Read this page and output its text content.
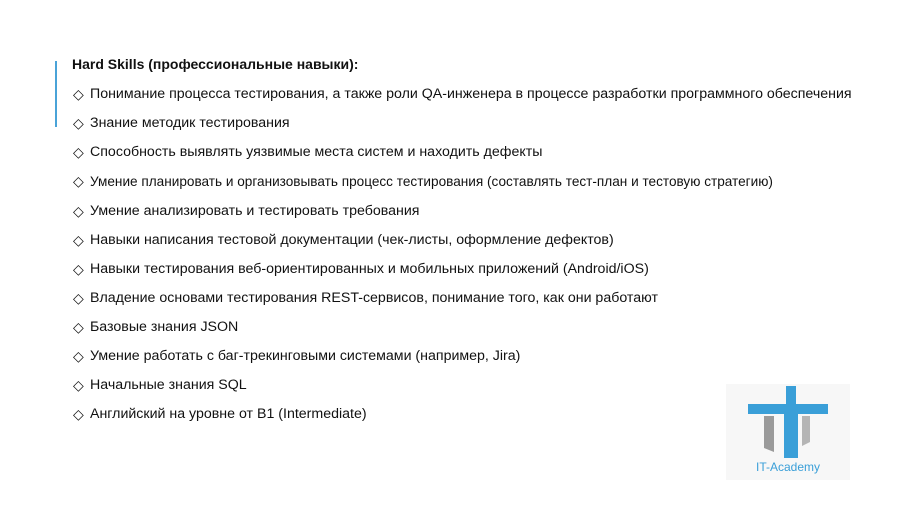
Hard Skills (профессиональные навыки):
◇ Понимание процесса тестирования, а также роли QA-инженера в процессе разработки программного обеспечения
◇ Знание методик тестирования
◇ Способность выявлять уязвимые места систем и находить дефекты
◇ Умение планировать и организовывать процесс тестирования (составлять тест-план и тестовую стратегию)
◇ Умение анализировать и тестировать требования
◇ Навыки написания тестовой документации (чек-листы, оформление дефектов)
◇ Навыки тестирования веб-ориентированных и мобильных приложений (Android/iOS)
◇ Владение основами тестирования REST-сервисов, понимание того, как они работают
◇ Базовые знания JSON
◇ Умение работать с баг-трекинговыми системами (например, Jira)
◇ Начальные знания SQL
◇ Английский на уровне от B1 (Intermediate)
IT-Academy
